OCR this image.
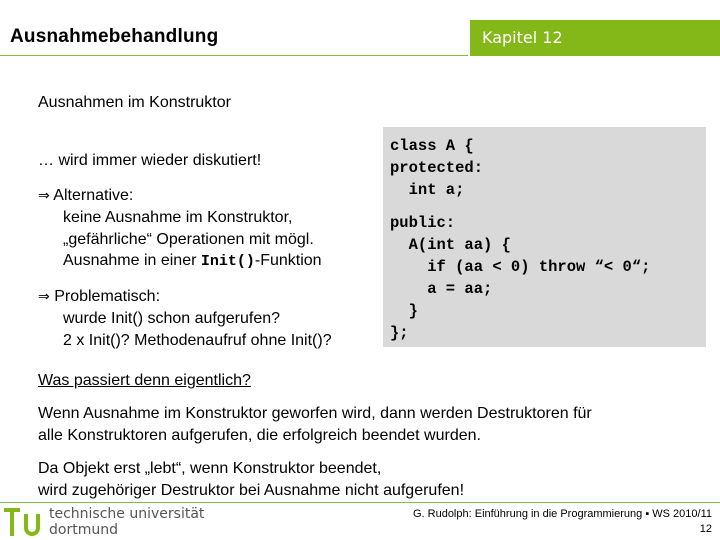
Ausnahmebehandlung	Kapitel 12
Ausnahmen im Konstruktor
… wird immer wieder diskutiert!
⇒ Alternative:
keine Ausnahme im Konstruktor,
„gefährliche“ Operationen mit mögl.
Ausnahme in einer Init()-Funktion
⇒ Problematisch:
wurde Init() schon aufgerufen?
2 x Init()? Methodenaufruf ohne Init()?
class A {
protected:
int a;
public:
A(int aa) {
if (aa < 0) throw “< 0“;
a = aa;
}
};
Was passiert denn eigentlich?
Wenn Ausnahme im Konstruktor geworfen wird, dann werden Destruktoren für
alle Konstruktoren aufgerufen, die erfolgreich beendet wurden.
Da Objekt erst „lebt“, wenn Konstruktor beendet,
wird zugehöriger Destruktor bei Ausnahme nicht aufgerufen!
technische universität
dortmund
G. Rudolph: Einführung in die Programmierung ▪ WS 2010/11
12
